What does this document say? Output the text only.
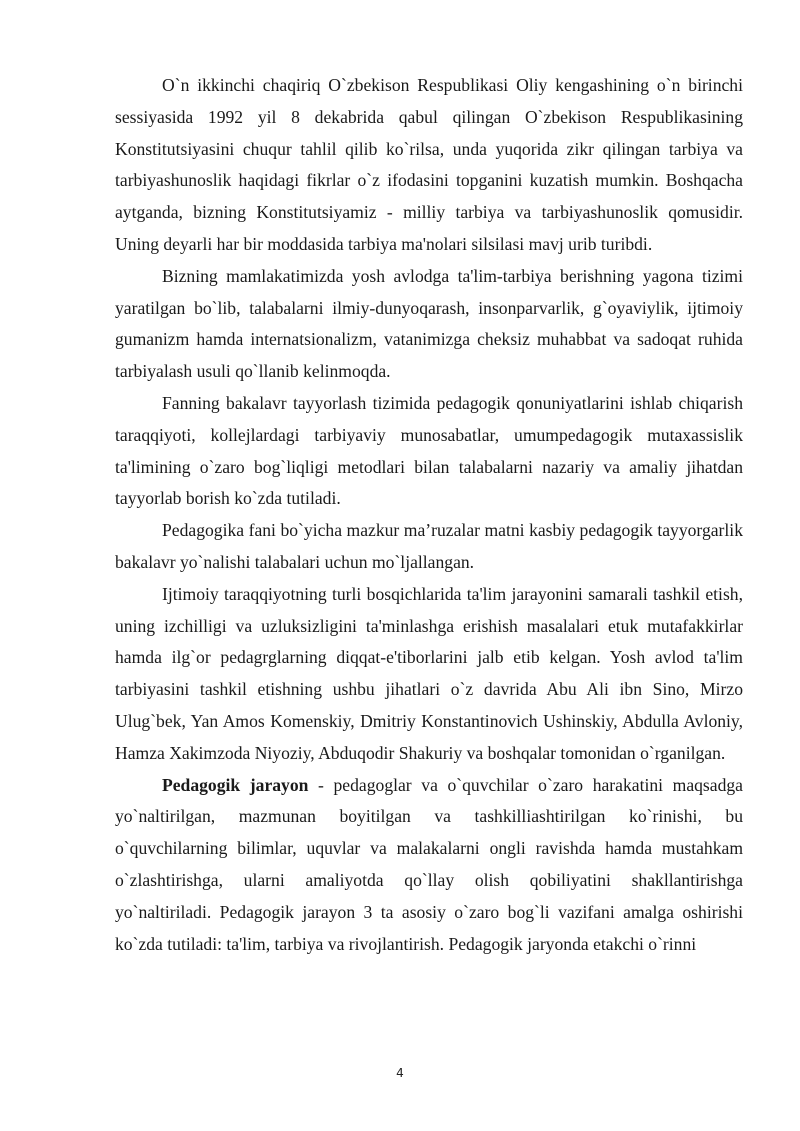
O`n ikkinchi chaqiriq O`zbekison Respublikasi Oliy kengashining o`n birinchi sessiyasida 1992 yil 8 dekabrida qabul qilingan O`zbekison Respublikasining Konstitutsiyasini chuqur tahlil qilib ko`rilsa, unda yuqorida zikr qilingan tarbiya va tarbiyashunoslik haqidagi fikrlar o`z ifodasini topganini kuzatish mumkin. Boshqacha aytganda, bizning Konstitutsiyamiz - milliy tarbiya va tarbiyashunoslik qomusidir. Uning deyarli har bir moddasida tarbiya ma'nolari silsilasi mavj urib turibdi.

Bizning mamlakatimizda yosh avlodga ta'lim-tarbiya berishning yagona tizimi yaratilgan bo`lib, talabalarni ilmiy-dunyoqarash, insonparvarlik, g`oyaviylik, ijtimoiy gumanizm hamda internatsionalizm, vatanimizga cheksiz muhabbat va sadoqat ruhida tarbiyalash usuli qo`llanib kelinmoqda.

Fanning bakalavr tayyorlash tizimida pedagogik qonuniyatlarini ishlab chiqarish taraqqiyoti, kollejlardagi tarbiyaviy munosabatlar, umumpedagogik mutaxassislik ta'limining o`zaro bog`liqligi metodlari bilan talabalarni nazariy va amaliy jihatdan tayyorlab borish ko`zda tutiladi.

Pedagogika fani bo`yicha mazkur ma’ruzalar matni kasbiy pedagogik tayyorgarlik bakalavr yo`nalishi talabalari uchun mo`ljallangan.

Ijtimoiy taraqqiyotning turli bosqichlarida ta'lim jarayonini samarali tashkil etish, uning izchilligi va uzluksizligini ta'minlashga erishish masalalari etuk mutafakkirlar hamda ilg`or pedagrglarning diqqat-e'tiborlarini jalb etib kelgan. Yosh avlod ta'lim tarbiyasini tashkil etishning ushbu jihatlari o`z davrida Abu Ali ibn Sino, Mirzo Ulug`bek, Yan Amos Komenskiy, Dmitriy Konstantinovich Ushinskiy, Abdulla Avloniy, Hamza Xakimzoda Niyoziy, Abduqodir Shakuriy va boshqalar tomonidan o`rganilgan.

Pedagogik jarayon - pedagoglar va o`quvchilar o`zaro harakatini maqsadga yo`naltirilgan, mazmunan boyitilgan va tashkilliashtirilgan ko`rinishi, bu o`quvchilarning bilimlar, uquvlar va malakalarni ongli ravishda hamda mustahkam o`zlashtirishga, ularni amaliyotda qo`llay olish qobiliyatini shakllantirishga yo`naltiriladi. Pedagogik jarayon 3 ta asosiy o`zaro bog`li vazifani amalga oshirishi ko`zda tutiladi: ta'lim, tarbiya va rivojlantirish. Pedagogik jaryonda etakchi o`rinni

4
